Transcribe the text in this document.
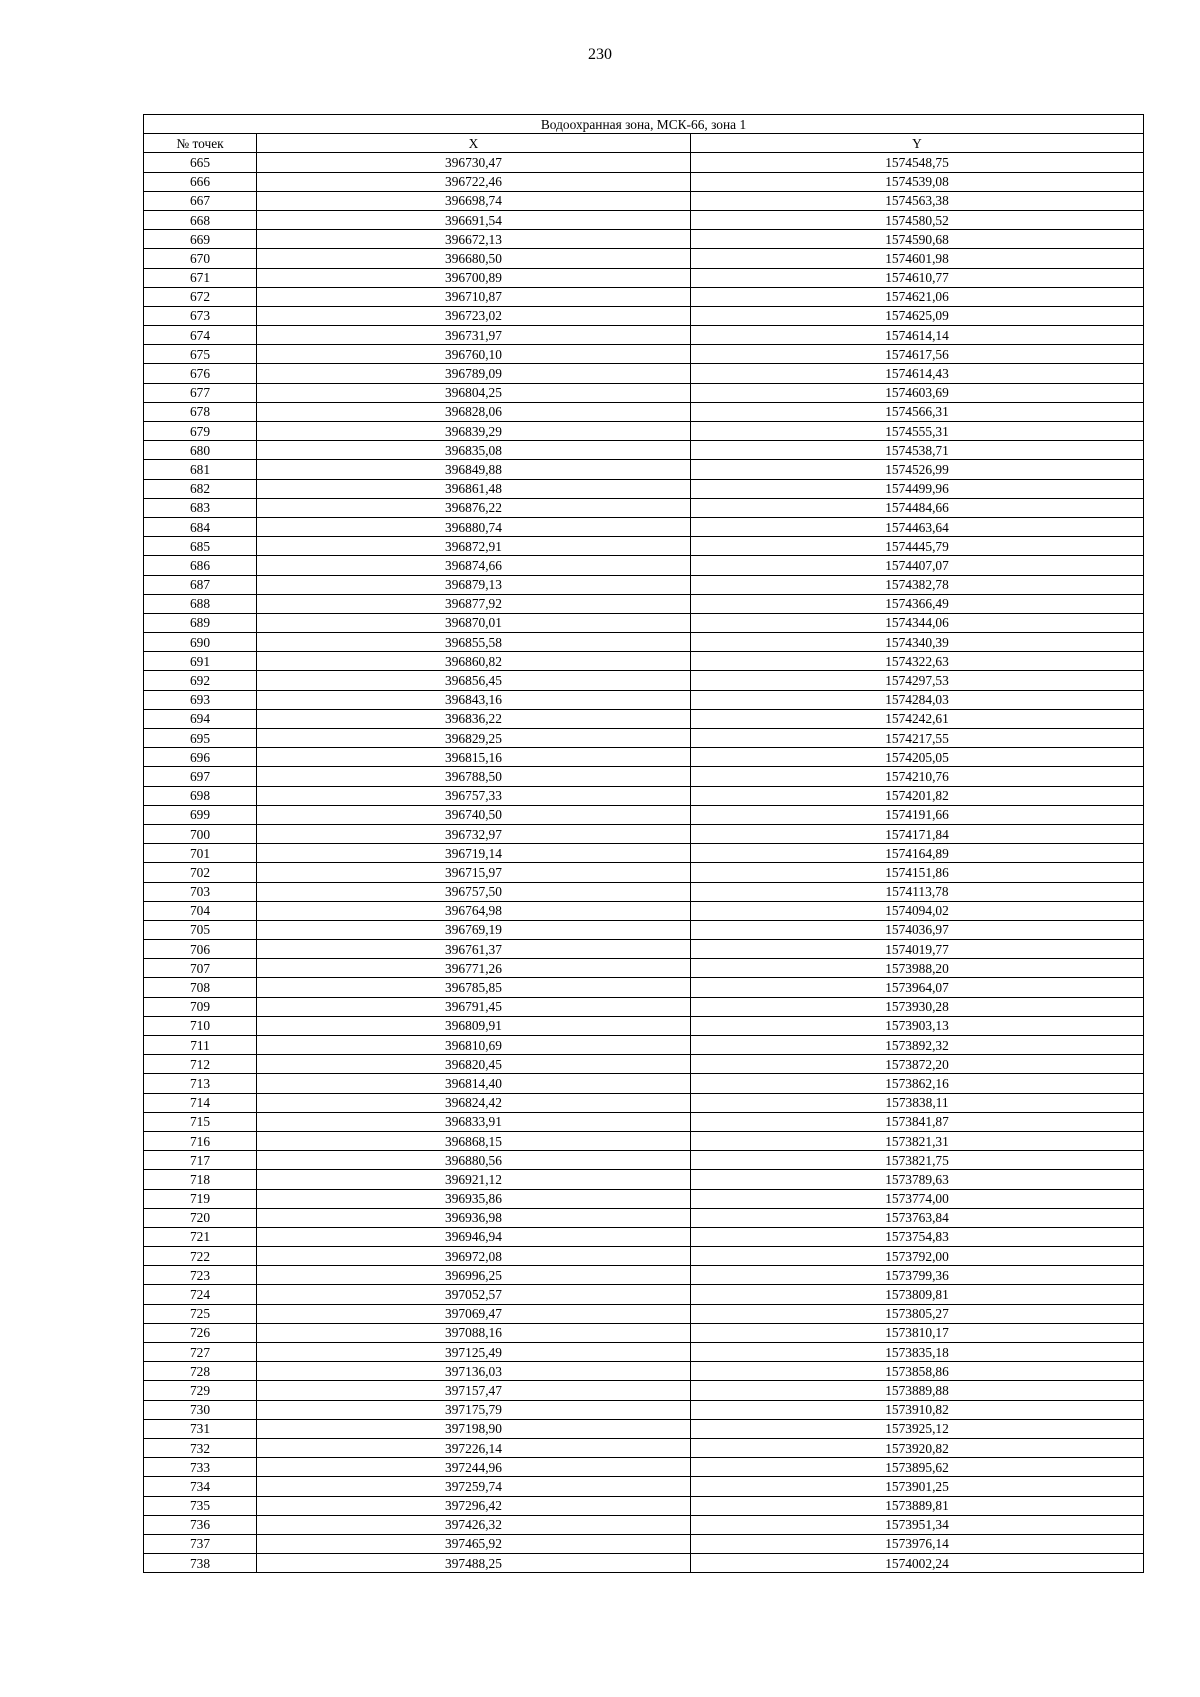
230
Водоохранная зона, МСК-66, зона 1		
№ точек	X	Y
665	396730,47	1574548,75
666	396722,46	1574539,08
667	396698,74	1574563,38
668	396691,54	1574580,52
669	396672,13	1574590,68
670	396680,50	1574601,98
671	396700,89	1574610,77
672	396710,87	1574621,06
673	396723,02	1574625,09
674	396731,97	1574614,14
675	396760,10	1574617,56
676	396789,09	1574614,43
677	396804,25	1574603,69
678	396828,06	1574566,31
679	396839,29	1574555,31
680	396835,08	1574538,71
681	396849,88	1574526,99
682	396861,48	1574499,96
683	396876,22	1574484,66
684	396880,74	1574463,64
685	396872,91	1574445,79
686	396874,66	1574407,07
687	396879,13	1574382,78
688	396877,92	1574366,49
689	396870,01	1574344,06
690	396855,58	1574340,39
691	396860,82	1574322,63
692	396856,45	1574297,53
693	396843,16	1574284,03
694	396836,22	1574242,61
695	396829,25	1574217,55
696	396815,16	1574205,05
697	396788,50	1574210,76
698	396757,33	1574201,82
699	396740,50	1574191,66
700	396732,97	1574171,84
701	396719,14	1574164,89
702	396715,97	1574151,86
703	396757,50	1574113,78
704	396764,98	1574094,02
705	396769,19	1574036,97
706	396761,37	1574019,77
707	396771,26	1573988,20
708	396785,85	1573964,07
709	396791,45	1573930,28
710	396809,91	1573903,13
711	396810,69	1573892,32
712	396820,45	1573872,20
713	396814,40	1573862,16
714	396824,42	1573838,11
715	396833,91	1573841,87
716	396868,15	1573821,31
717	396880,56	1573821,75
718	396921,12	1573789,63
719	396935,86	1573774,00
720	396936,98	1573763,84
721	396946,94	1573754,83
722	396972,08	1573792,00
723	396996,25	1573799,36
724	397052,57	1573809,81
725	397069,47	1573805,27
726	397088,16	1573810,17
727	397125,49	1573835,18
728	397136,03	1573858,86
729	397157,47	1573889,88
730	397175,79	1573910,82
731	397198,90	1573925,12
732	397226,14	1573920,82
733	397244,96	1573895,62
734	397259,74	1573901,25
735	397296,42	1573889,81
736	397426,32	1573951,34
737	397465,92	1573976,14
738	397488,25	1574002,24
